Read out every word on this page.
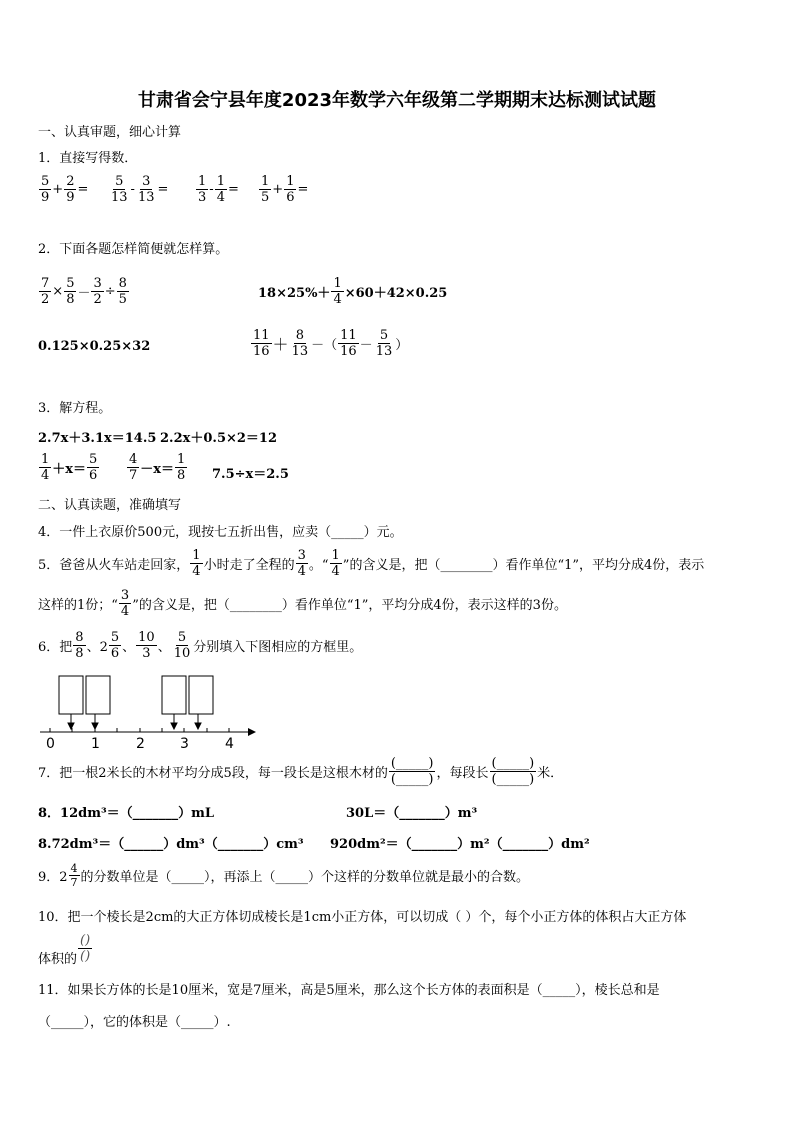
甘肃省会宁县年度2023年数学六年级第二学期期末达标测试试题
一、认真审题，细心计算
1．直接写得数．
$\frac{5}{9} + \frac{2}{9} = \frac{5}{13} - \frac{3}{13} = \frac{1}{3} - \frac{1}{4} = \frac{1}{5} + \frac{1}{6}$ =
2．下面各题怎样简便就怎样算。
$\frac{7}{2} \times \frac{5}{8} - \frac{3}{2} \div \frac{8}{5}$	$18\times 25\%+ \frac{1}{4} \times 60+42\times 0.25$
0.125×0.25×32	$\frac{11}{16} + \frac{8}{13}$ －（ $\frac{11}{16} - \frac{5}{13}$ ）
3．解方程。
2.7x＋3.1x＝14.5 2.2x＋0.5×2＝12
$\frac{1}{4} +x= \frac{5}{6} \frac{4}{7} -x= \frac{1}{8} 7.5\div x=2.5$
二、认真读题，准确填写
4．一件上衣原价500元，现按七五折出售，应卖（_____）元。
5．爸爸从火车站走回家， $\frac{1}{4}$ 小时走了全程的 $\frac{3}{4}$ 。“ $\frac{1}{4}$ ”的含义是，把（________）看作单位“1”，平均分成4份，表示
这样的1份；“ $\frac{3}{4}$ ”的含义是，把（________）看作单位“1”，平均分成4份，表示这样的3份。
6．把 $\frac{8}{8}$ 、$2 \frac{5}{6}$ 、 $\frac{10}{3}$ 、 $\frac{5}{10}$ 分别填入下图相应的方框里。
0	1	2	3	4
7．把一根2米长的木材平均分成5段，每一段长是这根木材的 $\frac{(\_\_\_\_\_)}{(\_\_\_\_\_)}$ ，每段长 $\frac{(\_\_\_\_\_)}{(\_\_\_\_\_)}$ 米．
8．12dm³＝（_______）mL	30L＝（_______）m³
8.72dm³＝（______）dm³（_______）cm³ 920dm²＝（_______）m²（_______）dm²
9．$2 \frac{4}{7}$ 的分数单位是（_____），再添上（_____）个这样的分数单位就是最小的合数。
10．把一个棱长是2cm的大正方体切成棱长是1cm小正方体，可以切成（ ）个，每个小正方体的体积占大正方体
体积的 $\frac{()}{()}$
11．如果长方体的长是10厘米，宽是7厘米，高是5厘米，那么这个长方体的表面积是（_____），棱长总和是
（_____），它的体积是（_____）.
